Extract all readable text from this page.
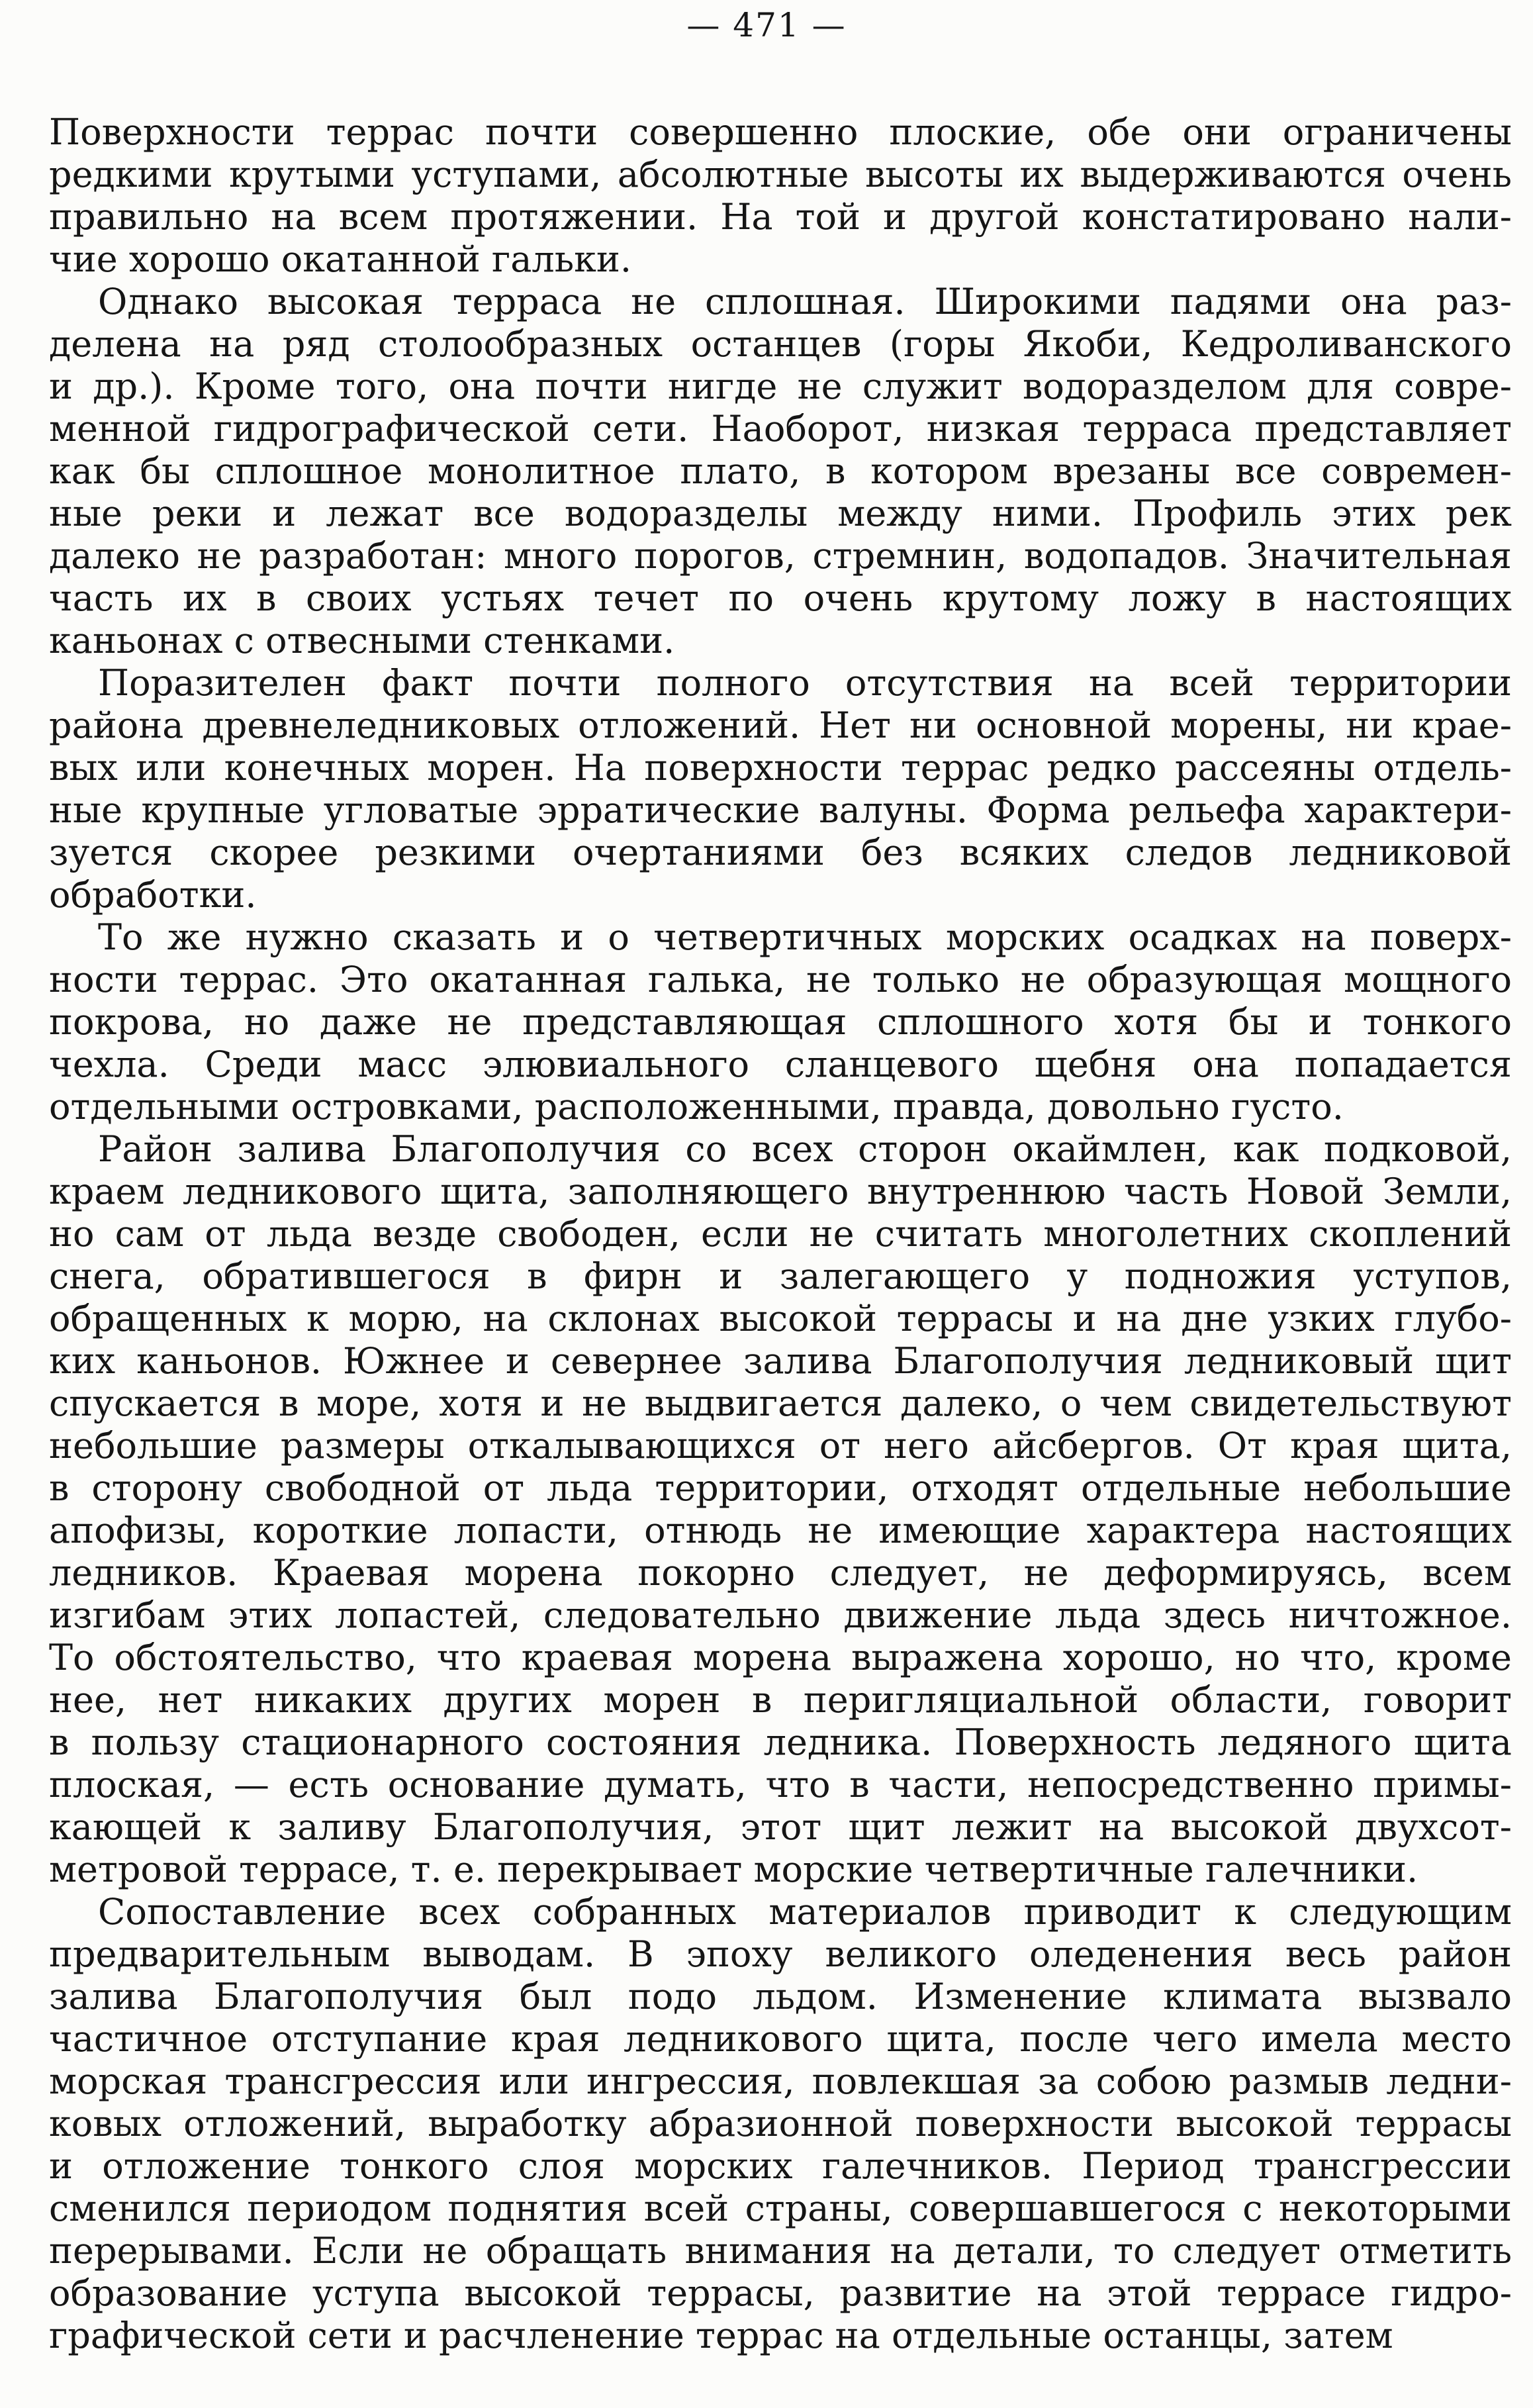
— 471 —
Поверхности террас почти совершенно плоские, обе они ограничены
редкими крутыми уступами, абсолютные высоты их выдерживаются очень
правильно на всем протяжении. На той и другой констатировано нали-
чие хорошо окатанной гальки.
Однако высокая терраса не сплошная. Широкими падями она раз-
делена на ряд столообразных останцев (горы Якоби, Кедроливанского
и др.). Кроме того, она почти нигде не служит водоразделом для совре-
менной гидрографической сети. Наоборот, низкая терраса представляет
как бы сплошное монолитное плато, в котором врезаны все современ-
ные реки и лежат все водоразделы между ними. Профиль этих рек
далеко не разработан: много порогов, стремнин, водопадов. Значительная
часть их в своих устьях течет по очень крутому ложу в настоящих
каньонах с отвесными стенками.
Поразителен факт почти полного отсутствия на всей территории
района древнеледниковых отложений. Нет ни основной морены, ни крае-
вых или конечных морен. На поверхности террас редко рассеяны отдель-
ные крупные угловатые эрратические валуны. Форма рельефа характери-
зуется скорее резкими очертаниями без всяких следов ледниковой
обработки.
То же нужно сказать и о четвертичных морских осадках на поверх-
ности террас. Это окатанная галька, не только не образующая мощного
покрова, но даже не представляющая сплошного хотя бы и тонкого
чехла. Среди масс элювиального сланцевого щебня она попадается
отдельными островками, расположенными, правда, довольно густо.
Район залива Благополучия со всех сторон окаймлен, как подковой,
краем ледникового щита, заполняющего внутреннюю часть Новой Земли,
но сам от льда везде свободен, если не считать многолетних скоплений
снега, обратившегося в фирн и залегающего у подножия уступов,
обращенных к морю, на склонах высокой террасы и на дне узких глубо-
ких каньонов. Южнее и севернее залива Благополучия ледниковый щит
спускается в море, хотя и не выдвигается далеко, о чем свидетельствуют
небольшие размеры откалывающихся от него айсбергов. От края щита,
в сторону свободной от льда территории, отходят отдельные небольшие
апофизы, короткие лопасти, отнюдь не имеющие характера настоящих
ледников. Краевая морена покорно следует, не деформируясь, всем
изгибам этих лопастей, следовательно движение льда здесь ничтожное.
То обстоятельство, что краевая морена выражена хорошо, но что, кроме
нее, нет никаких других морен в перигляциальной области, говорит
в пользу стационарного состояния ледника. Поверхность ледяного щита
плоская, — есть основание думать, что в части, непосредственно примы-
кающей к заливу Благополучия, этот щит лежит на высокой двухсот-
метровой террасе, т. е. перекрывает морские четвертичные галечники.
Сопоставление всех собранных материалов приводит к следующим
предварительным выводам. В эпоху великого оледенения весь район
залива Благополучия был подо льдом. Изменение климата вызвало
частичное отступание края ледникового щита, после чего имела место
морская трансгрессия или ингрессия, повлекшая за собою размыв ледни-
ковых отложений, выработку абразионной поверхности высокой террасы
и отложение тонкого слоя морских галечников. Период трансгрессии
сменился периодом поднятия всей страны, совершавшегося с некоторыми
перерывами. Если не обращать внимания на детали, то следует отметить
образование уступа высокой террасы, развитие на этой террасе гидро-
графической сети и расчленение террас на отдельные останцы, затем
